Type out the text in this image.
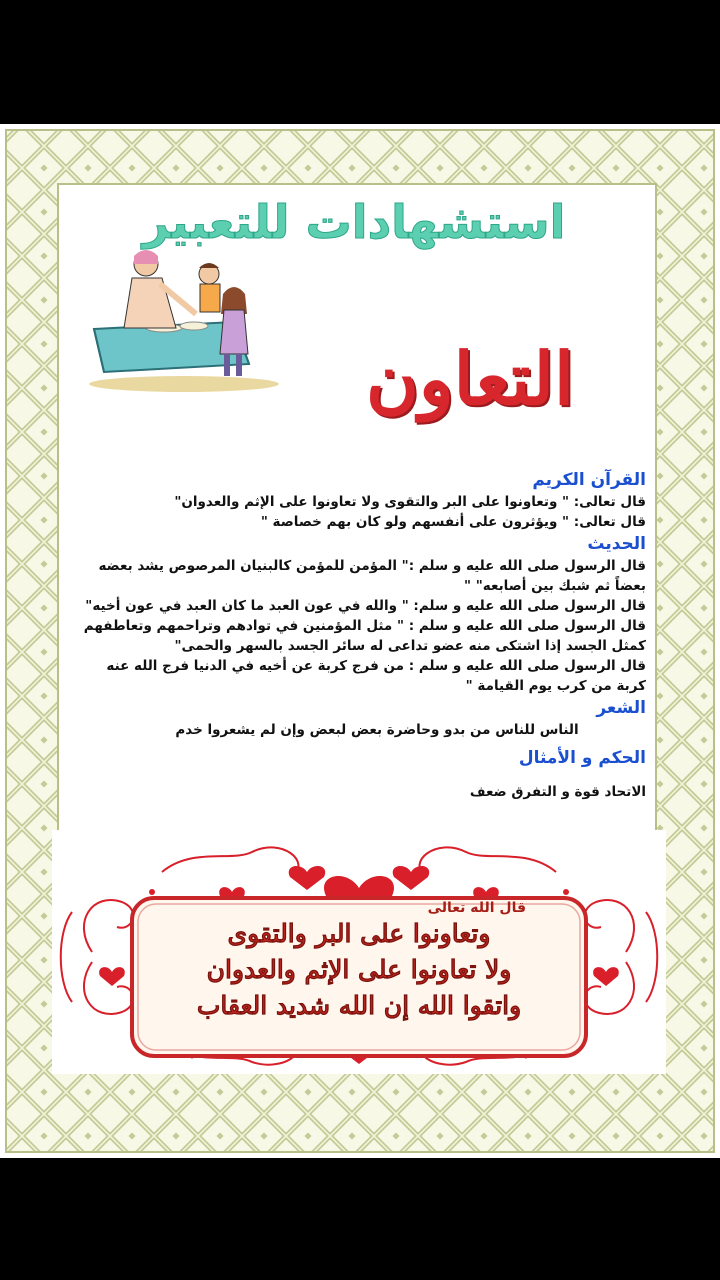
استشهادات للتعبير
التعاون
القرآن الكريم

قال تعالى: " وتعاونوا على البر والتقوى ولا تعاونوا على الإثم والعدوان"

قال تعالى: " ويؤثرون على أنفسهم ولو كان بهم خصاصة "

الحديث

قال الرسول صلى الله عليه و سلم :" المؤمن للمؤمن كالبنيان المرصوص يشد بعضه

بعضاً ثم شبك بين أصابعه" "

قال الرسول صلى الله عليه و سلم: " والله في عون العبد ما كان العبد في عون أخيه"

قال الرسول صلى الله عليه و سلم : " مثل المؤمنين في توادهم وتراحمهم وتعاطفهم

كمثل الجسد إذا اشتكى منه عضو تداعى له سائر الجسد بالسهر والحمى"

قال الرسول صلى الله عليه و سلم : من فرج كربة عن أخيه في الدنيا فرج الله عنه

كربة من كرب يوم القيامة "

الشعر

الناس للناس من بدو وحاضرة بعض لبعض وإن لم يشعروا خدم

الحكم و الأمثال

الاتحاد قوة و التفرق ضعف

قال الله تعالى
وتعاونوا على البر والتقوى
ولا تعاونوا على الإثم والعدوان
واتقوا الله إن الله شديد العقاب
